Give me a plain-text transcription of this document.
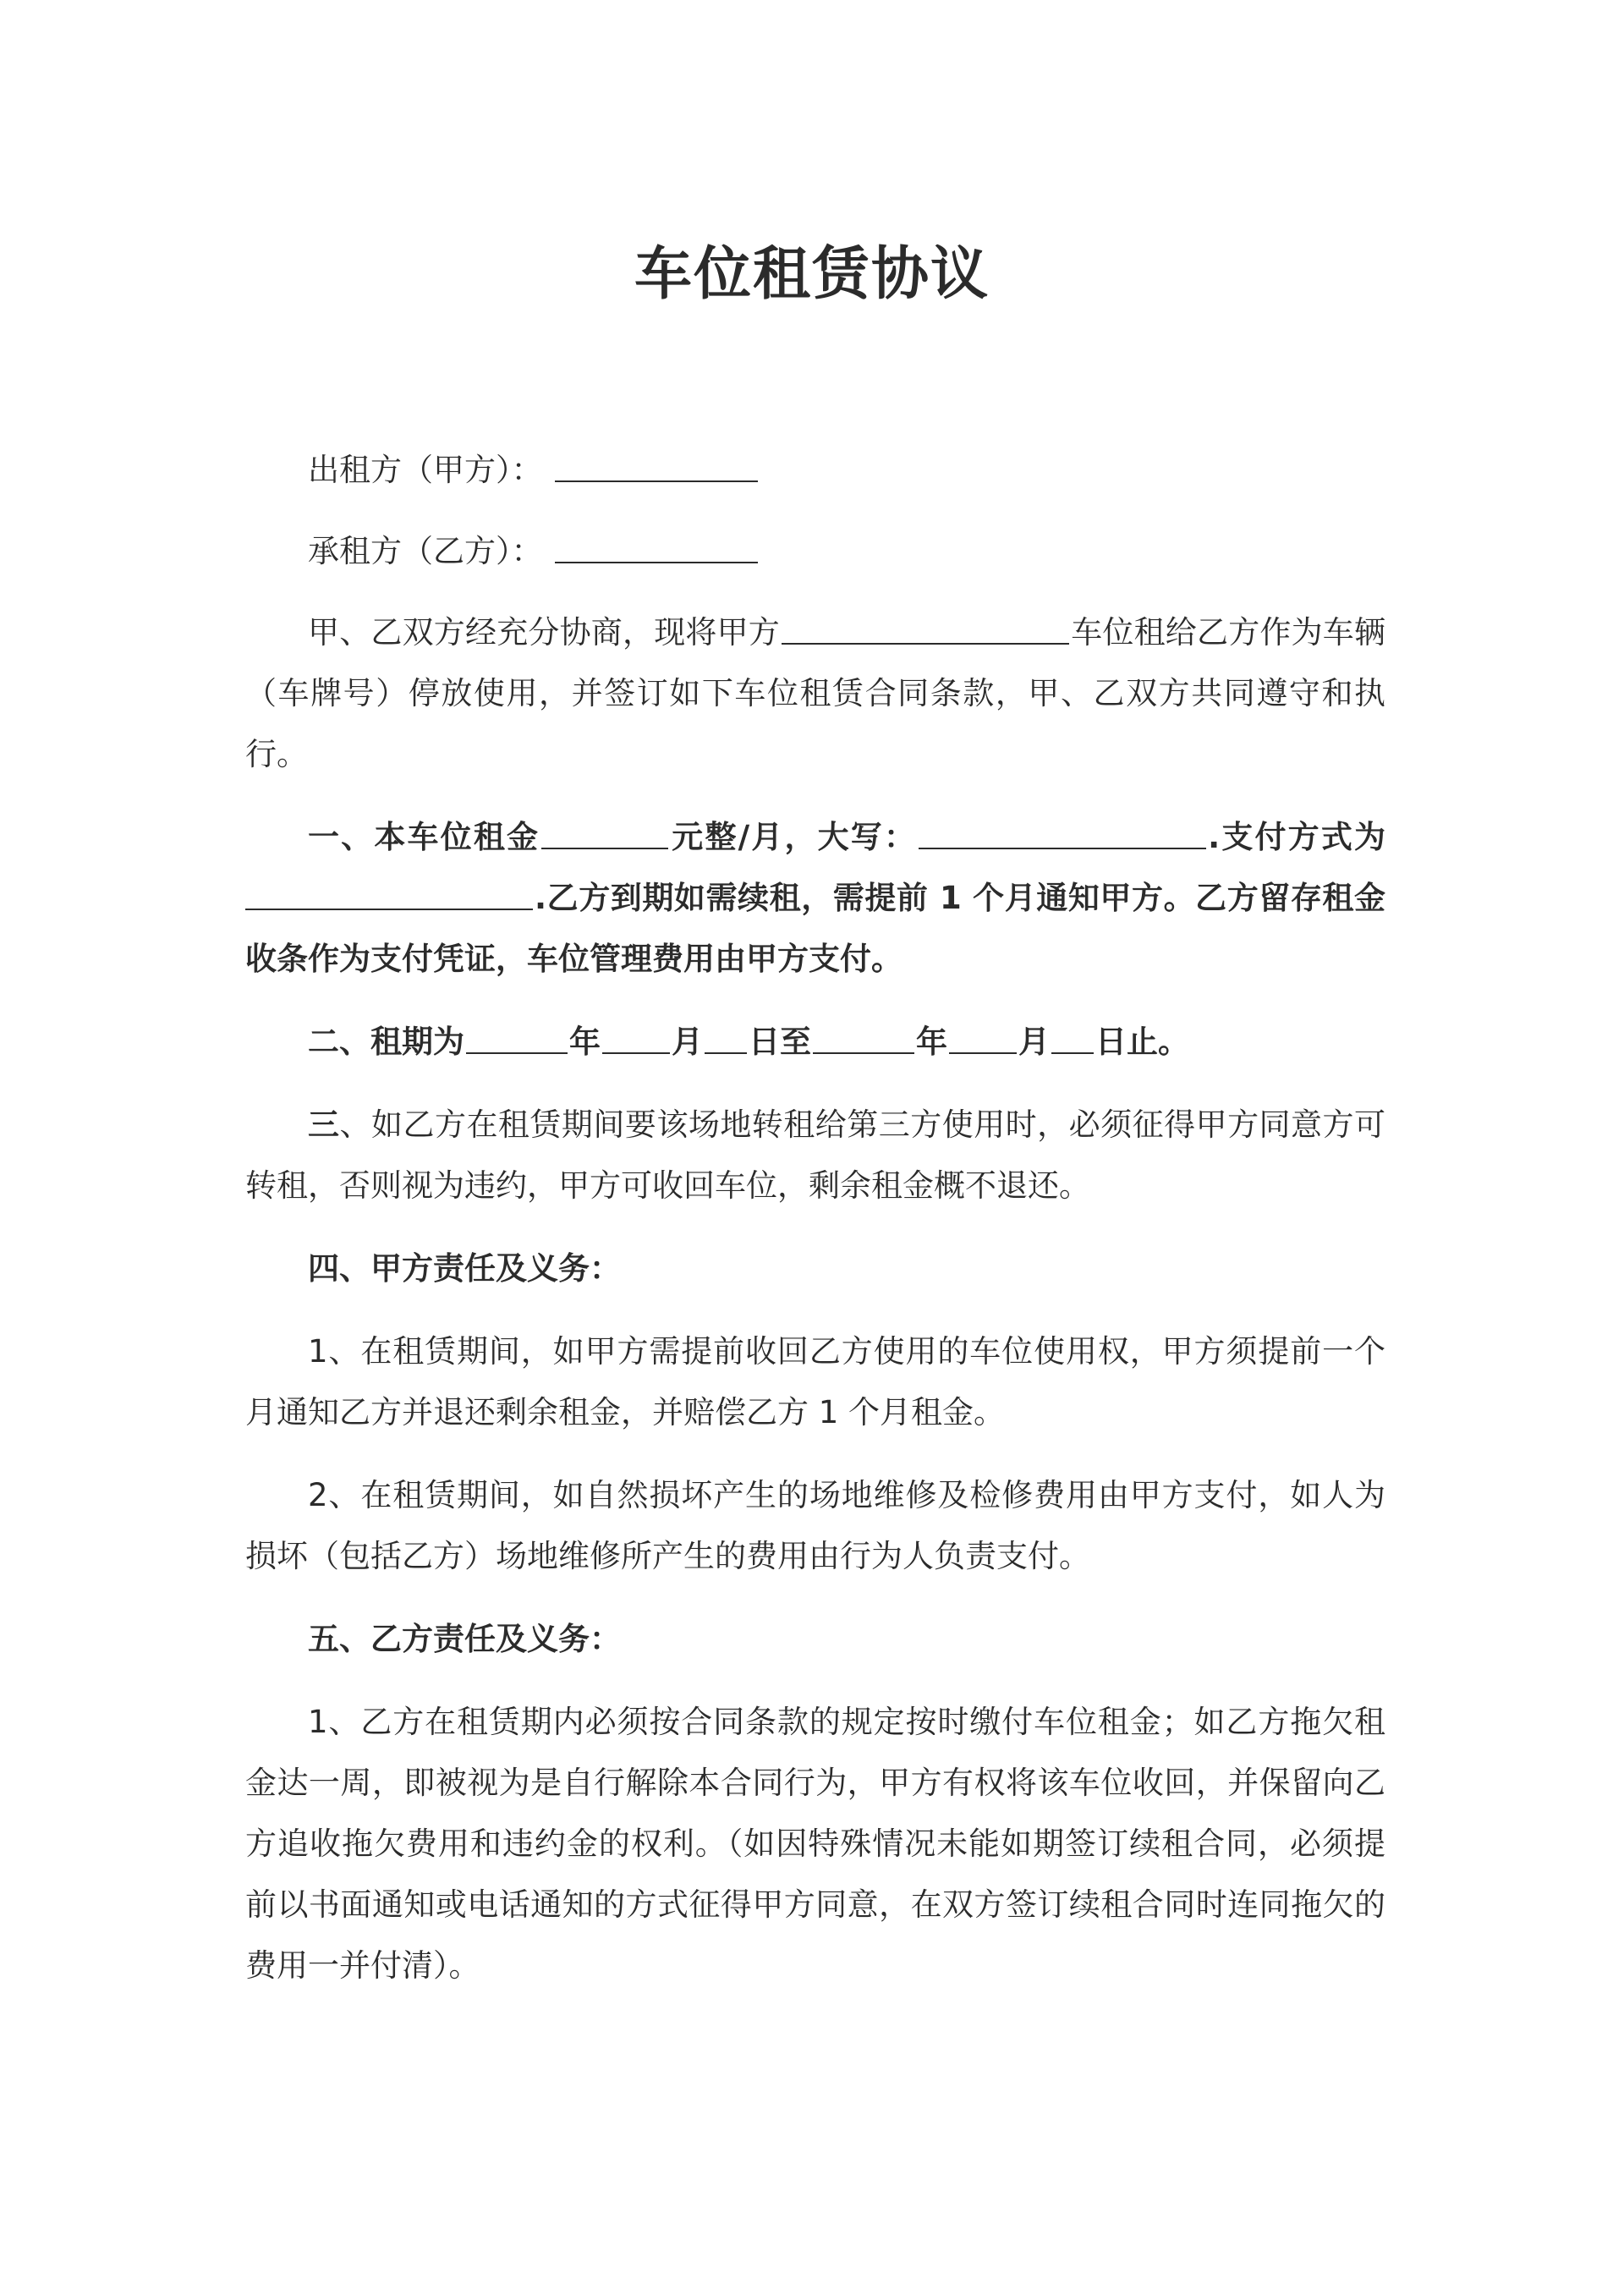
车位租赁协议

出租方（甲方）：

承租方（乙方）：

甲、乙双方经充分协商，现将甲方	车位租给乙方作为车辆（车牌号）停放使用，并签订如下车位租赁合同条款，甲、乙双方共同遵守和执行。

一、本车位租金	元整/月，大写：	.支付方式为.乙方到期如需续租，需提前 1 个月通知甲方。乙方留存租金收条作为支付凭证，车位管理费用由甲方支付。

二、租期为	年 月 日至	年 月 日止。

三、如乙方在租赁期间要该场地转租给第三方使用时，必须征得甲方同意方可转租，否则视为违约，甲方可收回车位，剩余租金概不退还。

四、甲方责任及义务：

1、在租赁期间，如甲方需提前收回乙方使用的车位使用权，甲方须提前一个月通知乙方并退还剩余租金，并赔偿乙方 1 个月租金。

2、在租赁期间，如自然损坏产生的场地维修及检修费用由甲方支付，如人为损坏（包括乙方）场地维修所产生的费用由行为人负责支付。

五、乙方责任及义务：

1、乙方在租赁期内必须按合同条款的规定按时缴付车位租金；如乙方拖欠租金达一周，即被视为是自行解除本合同行为，甲方有权将该车位收回，并保留向乙方追收拖欠费用和违约金的权利。（如因特殊情况未能如期签订续租合同，必须提前以书面通知或电话通知的方式征得甲方同意，在双方签订续租合同时连同拖欠的费用一并付清）。
